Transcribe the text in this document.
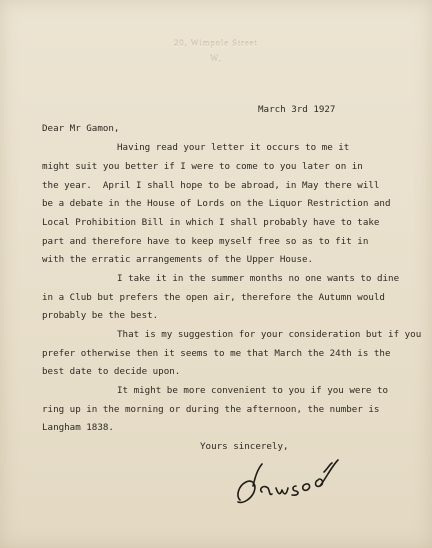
20, Wimpole Street
W.
March 3rd 1927
Dear Mr Gamon,
Having read your letter it occurs to me it
might suit you better if I were to come to you later on in
the year.  April I shall hope to be abroad, in May there will
be a debate in the House of Lords on the Liquor Restriction and
Local Prohibition Bill in which I shall probably have to take
part and therefore have to keep myself free so as to fit in
with the erratic arrangements of the Upper House.
I take it in the summer months no one wants to dine
in a Club but prefers the open air, therefore the Autumn would
probably be the best.
That is my suggestion for your consideration but if you
prefer otherwise then it seems to me that March the 24th is the
best date to decide upon.
It might be more convenient to you if you were to
ring up in the morning or during the afternoon, the number is
Langham 1838.
Yours sincerely,
